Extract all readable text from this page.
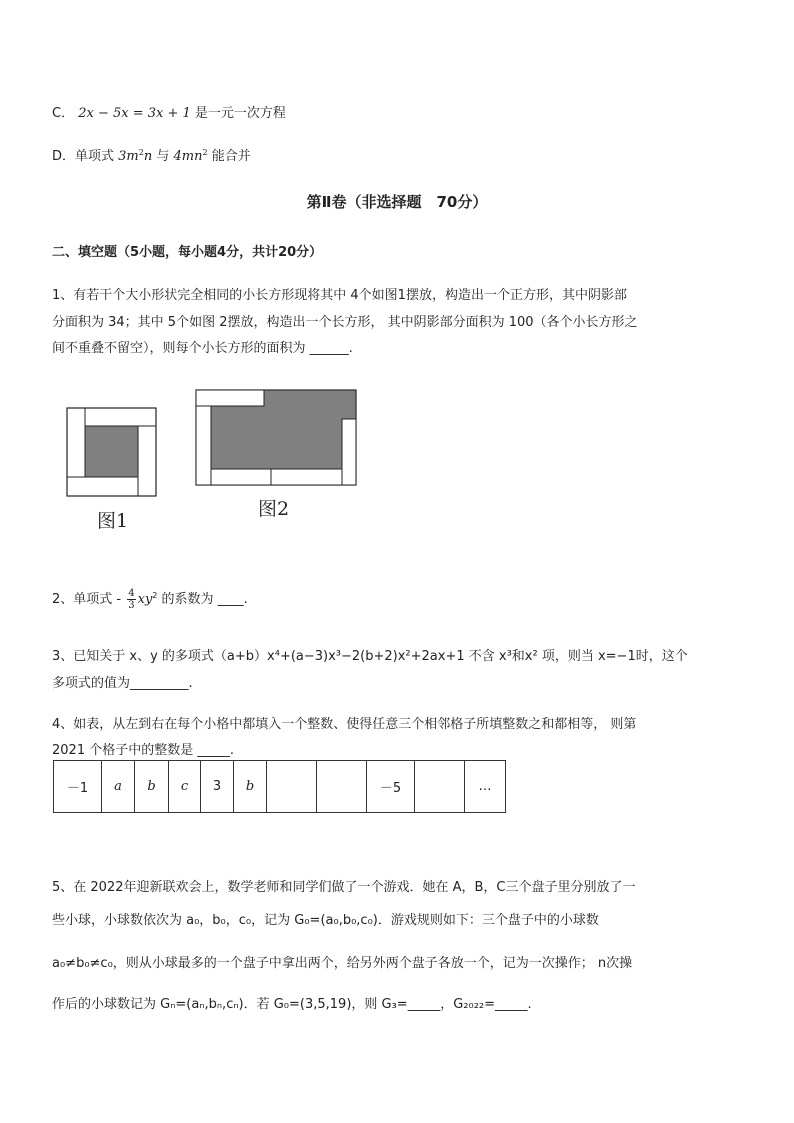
C． 2x − 5x = 3x + 1 是一元一次方程
D．单项式 $3m^2n$ 与 $4mn^2$ 能合并
第Ⅱ卷（非选择题　70分）
二、填空题（5小题，每小题4分，共计20分）
1、有若干个大小形状完全相同的小长方形现将其中 4个如图1摆放，构造出一个正方形，其中阴影部
分面积为 34；其中 5个如图 2摆放，构造出一个长方形， 其中阴影部分面积为 100（各个小长方形之
间不重叠不留空），则每个小长方形的面积为 ______.
图1
图2
2、单项式 - $\frac{4}{3} xy^2$ 的系数为 ____.
3、已知关于 x、y 的多项式（a+b）x⁴+(a−3)x³−2(b+2)x²+2ax+1 不含 x³和x² 项，则当 x=−1时，这个
多项式的值为_________.
4、如表，从左到右在每个小格中都填入一个整数、使得任意三个相邻格子所填整数之和都相等， 则第
2021 个格子中的整数是 _____.
－1	a	b	c	3	b			－5		…
5、在 2022年迎新联欢会上，数学老师和同学们做了一个游戏．她在 A，B，C三个盘子里分别放了一
些小球，小球数依次为 a₀，b₀，c₀，记为 G₀=(a₀,b₀,c₀)．游戏规则如下：三个盘子中的小球数
a₀≠b₀≠c₀，则从小球最多的一个盘子中拿出两个，给另外两个盘子各放一个，记为一次操作； n次操
作后的小球数记为 Gₙ=(aₙ,bₙ,cₙ)．若 G₀=(3,5,19)，则 G₃=_____，G₂₀₂₂=_____.
